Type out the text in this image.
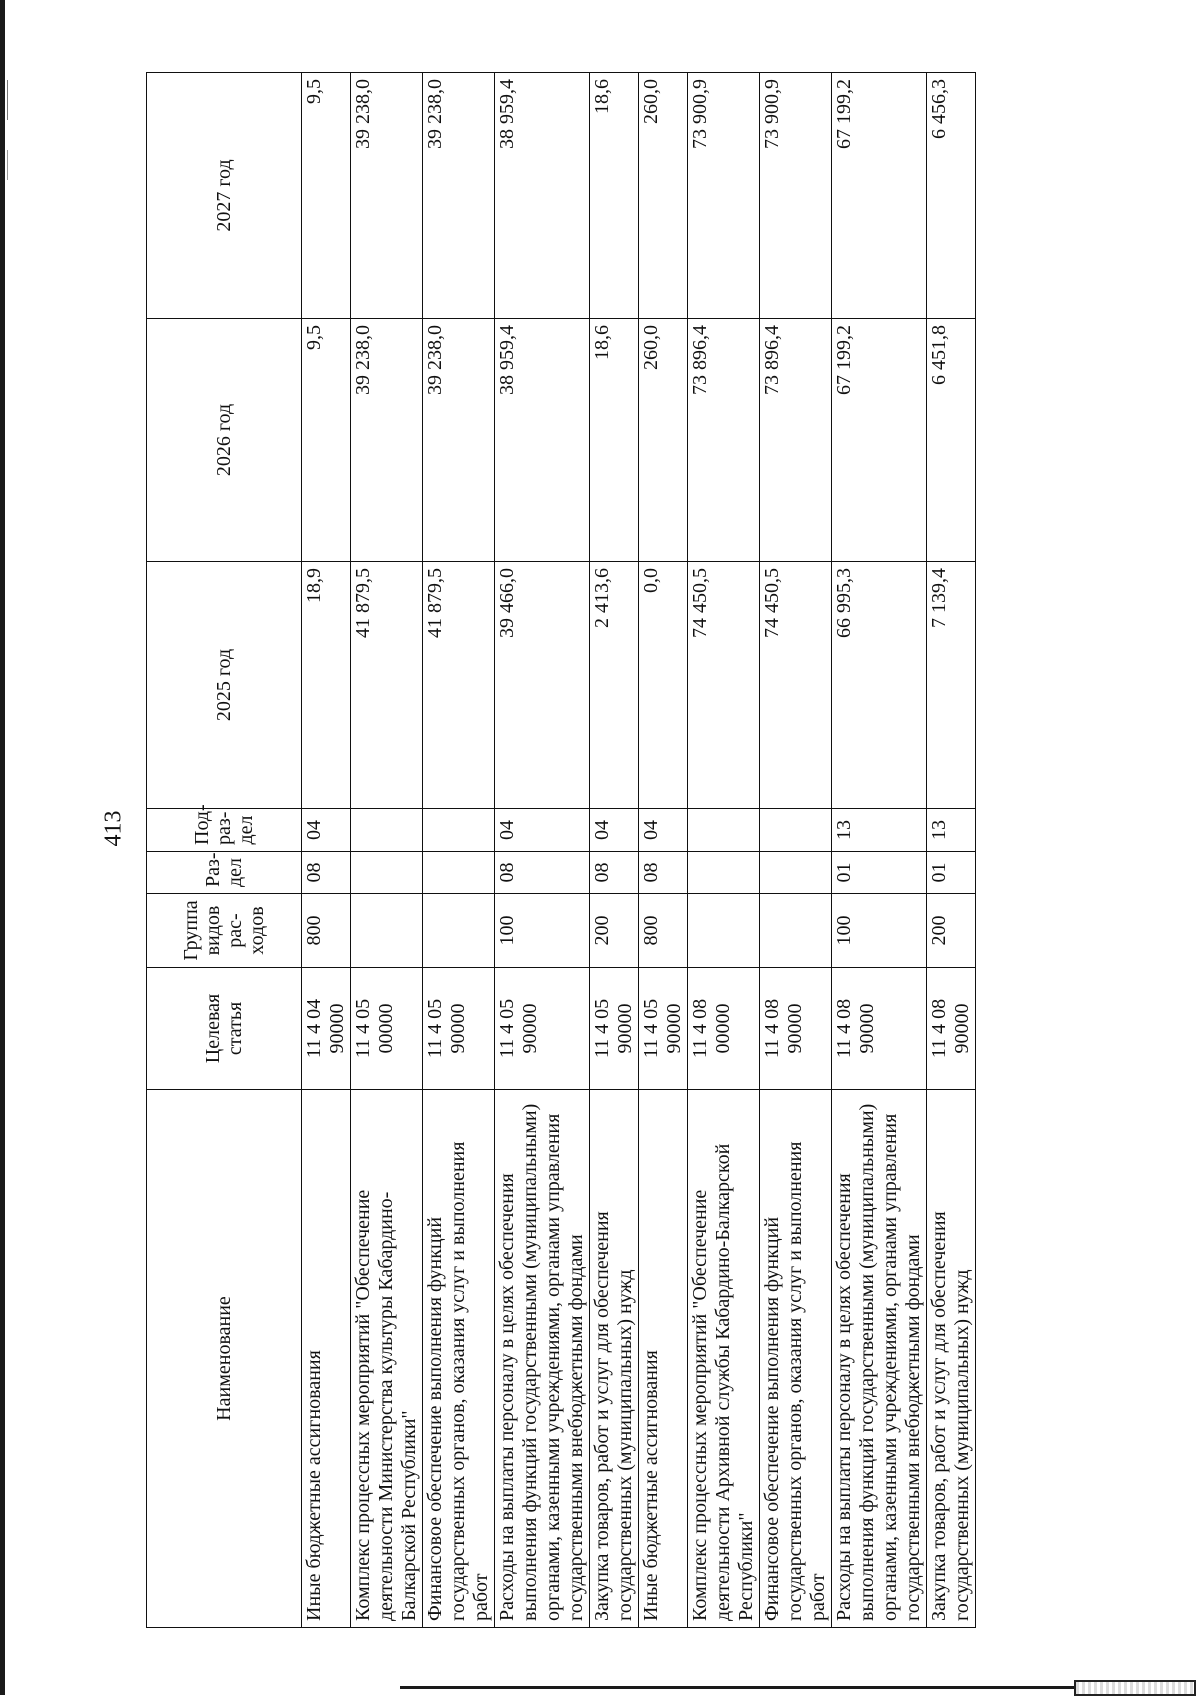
413
Наименование	Целевая статья	Группа видов рас-ходов	Раз-дел	Под-раз-дел	2025 год	2026 год	2027 год
Иные бюджетные ассигнования	11 4 04 90000	800	08	04	18,9	9,5	9,5
Комплекс процессных мероприятий "Обеспечение деятельности Министерства культуры Кабардино-Балкарской Республики"	11 4 05 00000				41 879,5	39 238,0	39 238,0
Финансовое обеспечение выполнения функций государственных органов, оказания услуг и выполнения работ	11 4 05 90000				41 879,5	39 238,0	39 238,0
Расходы на выплаты персоналу в целях обеспечения выполнения функций государственными (муниципальными) органами, казенными учреждениями, органами управления государственными внебюджетными фондами	11 4 05 90000	100	08	04	39 466,0	38 959,4	38 959,4
Закупка товаров, работ и услуг для обеспечения государственных (муниципальных) нужд	11 4 05 90000	200	08	04	2 413,6	18,6	18,6
Иные бюджетные ассигнования	11 4 05 90000	800	08	04	0,0	260,0	260,0
Комплекс процессных мероприятий "Обеспечение деятельности Архивной службы Кабардино-Балкарской Республики"	11 4 08 00000				74 450,5	73 896,4	73 900,9
Финансовое обеспечение выполнения функций государственных органов, оказания услуг и выполнения работ	11 4 08 90000				74 450,5	73 896,4	73 900,9
Расходы на выплаты персоналу в целях обеспечения выполнения функций государственными (муниципальными) органами, казенными учреждениями, органами управления государственными внебюджетными фондами	11 4 08 90000	100	01	13	66 995,3	67 199,2	67 199,2
Закупка товаров, работ и услуг для обеспечения государственных (муниципальных) нужд	11 4 08 90000	200	01	13	7 139,4	6 451,8	6 456,3
